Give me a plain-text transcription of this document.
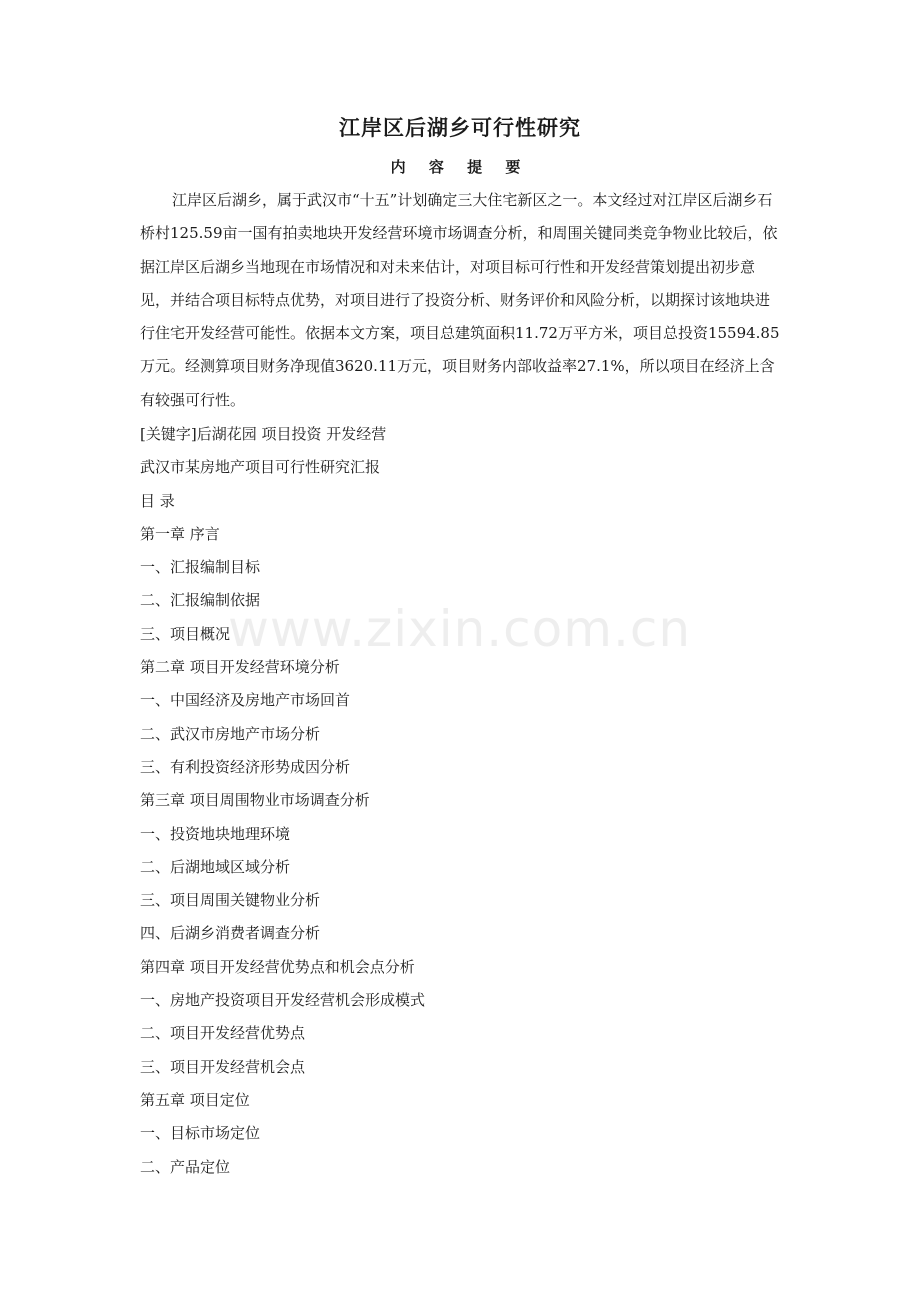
江岸区后湖乡可行性研究
内 容 提 要

江岸区后湖乡，属于武汉市“十五”计划确定三大住宅新区之一。本文经过对江岸区后湖乡石桥村125.59亩一国有拍卖地块开发经营环境市场调查分析，和周围关键同类竞争物业比较后，依据江岸区后湖乡当地现在市场情况和对未来估计，对项目标可行性和开发经营策划提出初步意见，并结合项目标特点优势，对项目进行了投资分析、财务评价和风险分析，以期探讨该地块进行住宅开发经营可能性。依据本文方案，项目总建筑面积11.72万平方米，项目总投资15594.85万元。经测算项目财务净现值3620.11万元，项目财务内部收益率27.1%，所以项目在经济上含有较强可行性。

[关键字]后湖花园 项目投资 开发经营
武汉市某房地产项目可行性研究汇报
目 录
第一章 序言
一、汇报编制目标
二、汇报编制依据
三、项目概况
第二章 项目开发经营环境分析
一、中国经济及房地产市场回首
二、武汉市房地产市场分析
三、有利投资经济形势成因分析
第三章 项目周围物业市场调查分析
一、投资地块地理环境
二、后湖地域区域分析
三、项目周围关键物业分析
四、后湖乡消费者调查分析
第四章 项目开发经营优势点和机会点分析
一、房地产投资项目开发经营机会形成模式
二、项目开发经营优势点
三、项目开发经营机会点
第五章 项目定位
一、目标市场定位
二、产品定位
www.zixin.com.cn
